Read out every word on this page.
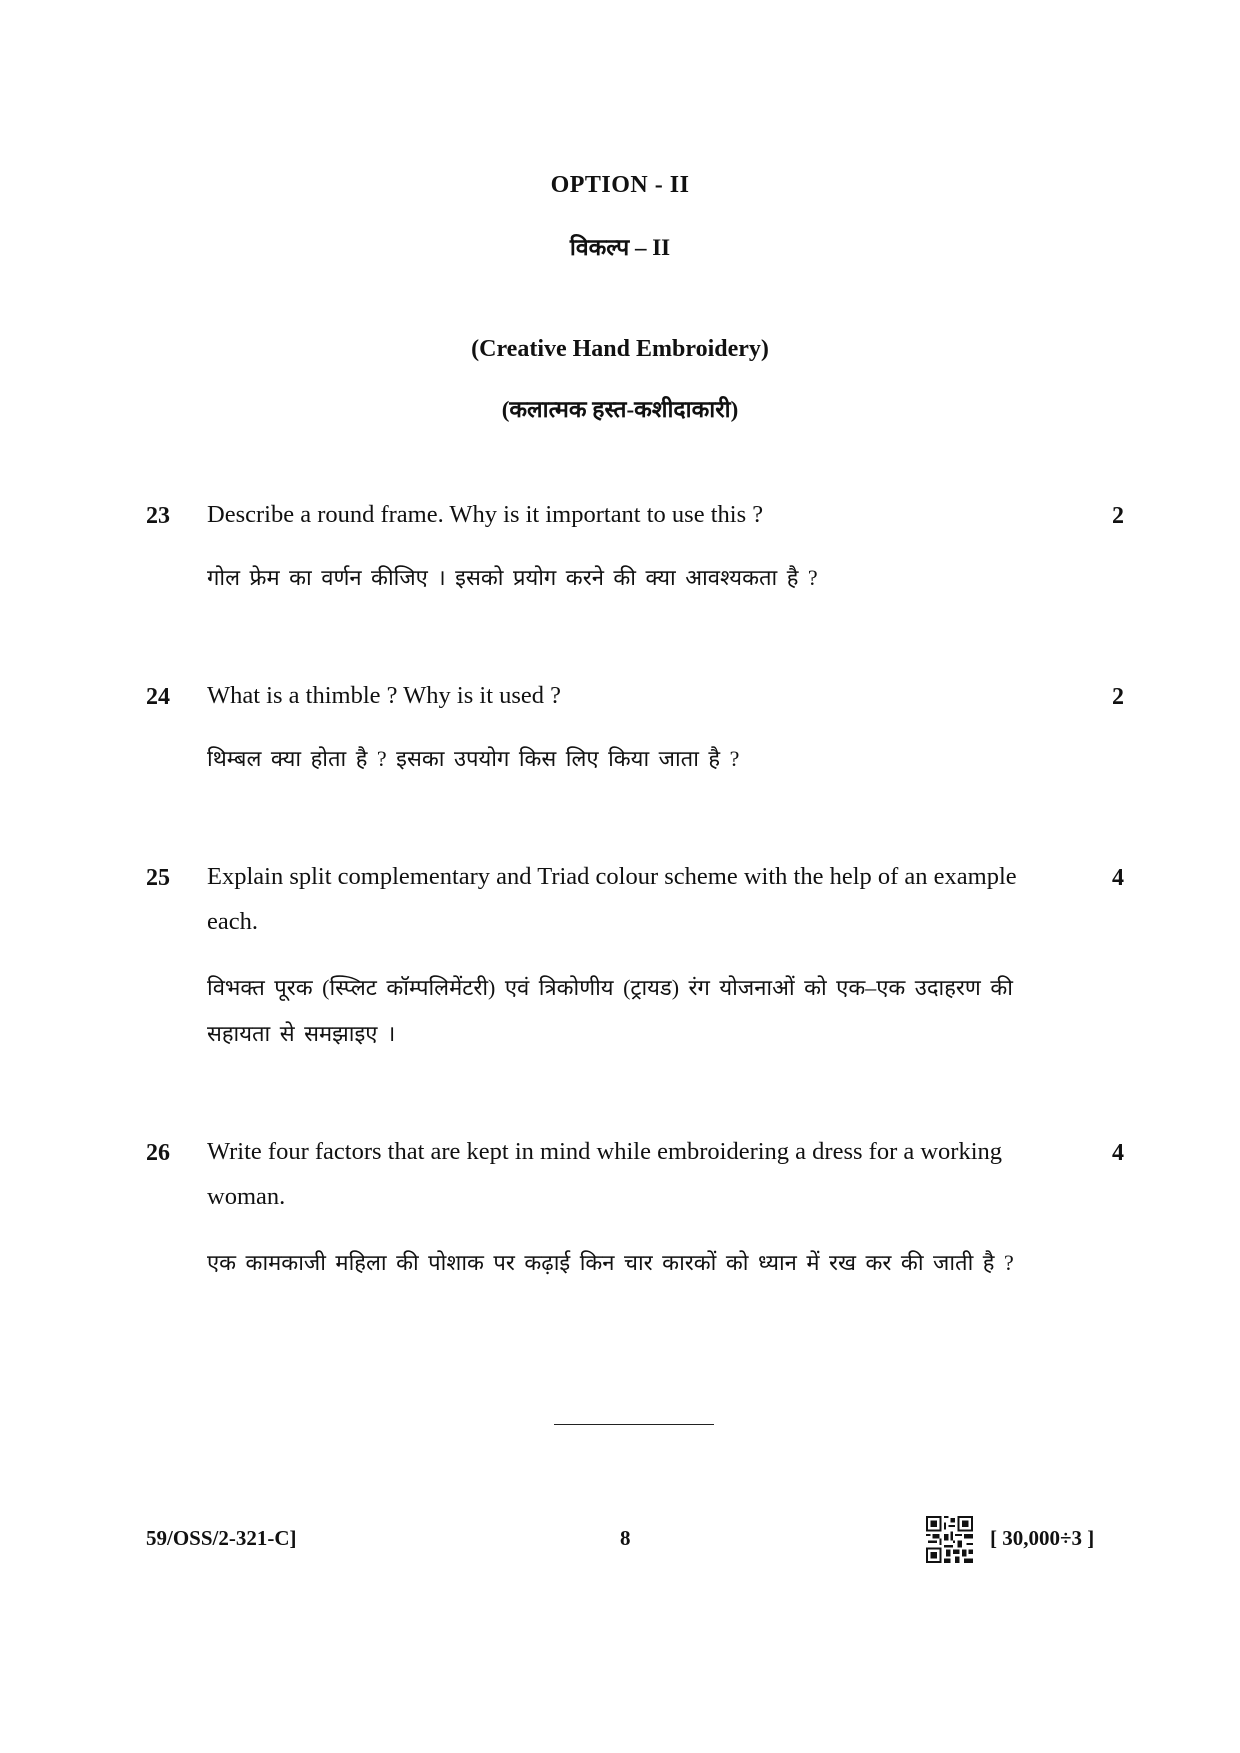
OPTION - II
विकल्प – II
(Creative Hand Embroidery)
(कलात्मक हस्त-कशीदाकारी)
23 Describe a round frame. Why is it important to use this ?	2
गोल फ्रेम का वर्णन कीजिए । इसको प्रयोग करने की क्या आवश्यकता है ?
24 What is a thimble ? Why is it used ?	2
थिम्बल क्या होता है ? इसका उपयोग किस लिए किया जाता है ?
25 Explain split complementary and Triad colour scheme with the help of an example each.
4
विभक्त पूरक (स्प्लिट कॉम्पलिमेंटरी) एवं त्रिकोणीय (ट्रायड) रंग योजनाओं को एक–एक उदाहरण की सहायता से समझाइए ।
26 Write four factors that are kept in mind while embroidering a dress for a working woman.
4
एक कामकाजी महिला की पोशाक पर कढ़ाई किन चार कारकों को ध्यान में रख कर की जाती है ?
59/OSS/2-321-C]	8	[ 30,000÷3 ]
